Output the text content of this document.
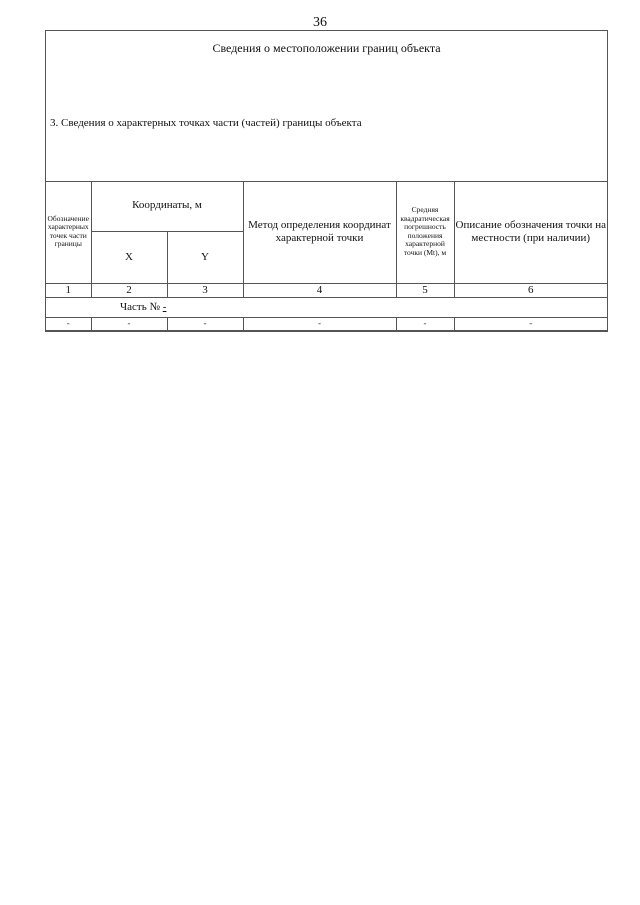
36
Сведения о местоположении границ объекта
3. Сведения о характерных точках части (частей) границы объекта
Обозначение характерных точек части границы	Координаты, м		Метод определения координат характерной точки	Средняя квадратическая погрешность положения характерной точки (Mt), м	Описание обозначения точки на местности (при наличии)
	X	Y			
1	2	3	4	5	6
Часть № -					
-	-	-	-	-	-
